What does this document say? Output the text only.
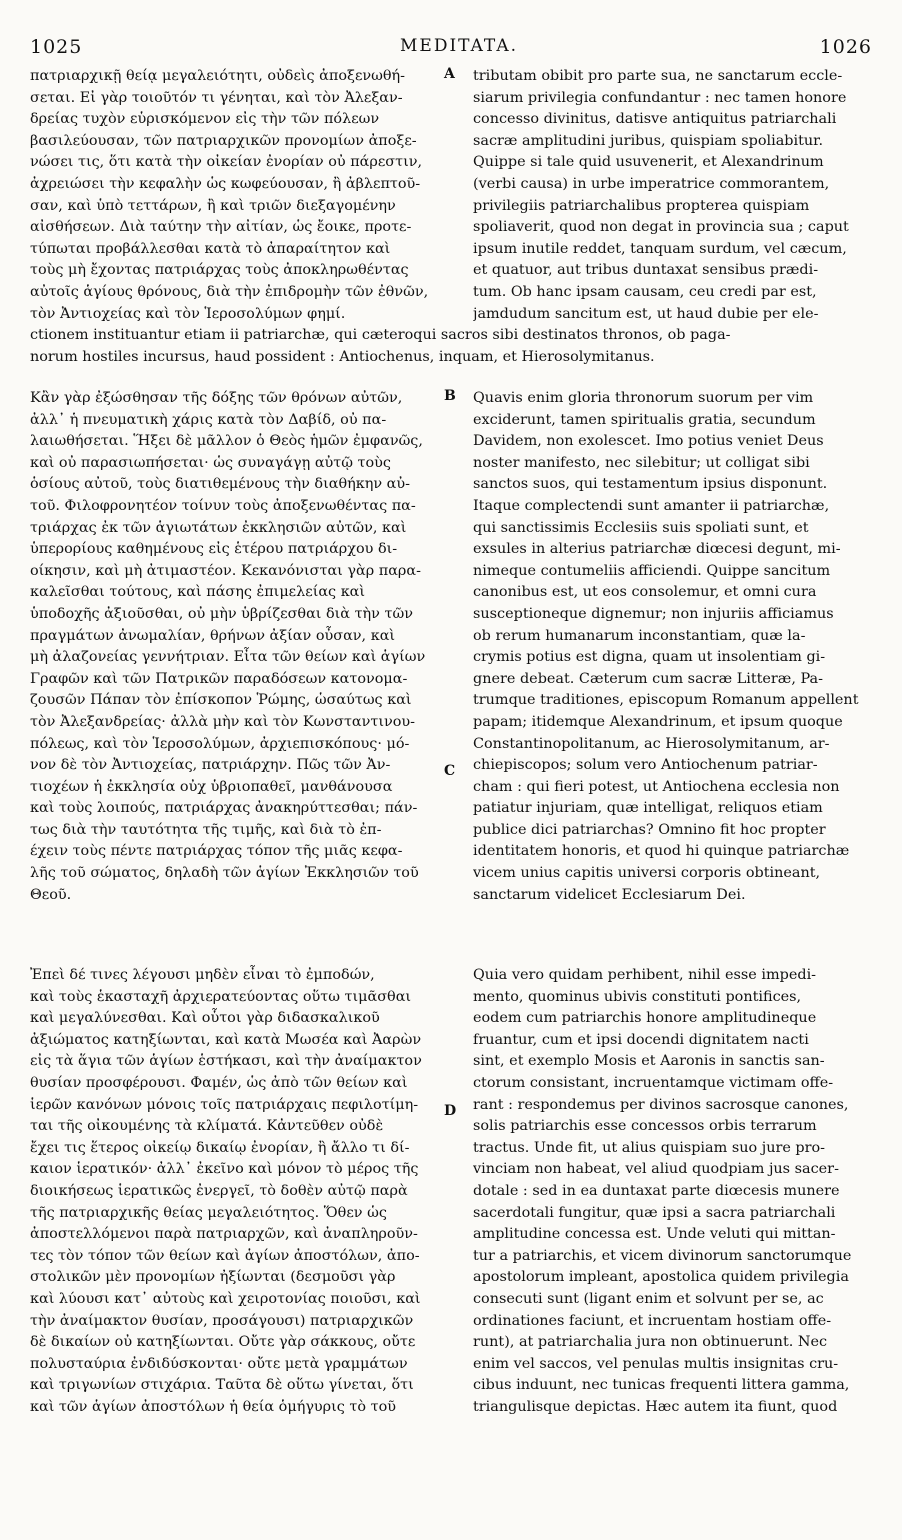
1025	MEDITATA.	1026
A
B
C
D
πατριαρχικῇ θείᾳ μεγαλειότητι, οὐδεὶς ἀποξενωθή-
σεται. Εἰ γὰρ τοιοῦτόν τι γένηται, καὶ τὸν Ἀλεξαν-
δρείας τυχὸν εὑρισκόμενον εἰς τὴν τῶν πόλεων
βασιλεύουσαν, τῶν πατριαρχικῶν προνομίων ἀποξε-
νώσει τις, ὅτι κατὰ τὴν οἰκείαν ἐνορίαν οὐ πάρεστιν,
ἀχρειώσει τὴν κεφαλὴν ὡς κωφεύουσαν, ἢ ἀβλεπτοῦ-
σαν, καὶ ὑπὸ τεττάρων, ἢ καὶ τριῶν διεξαγομένην
αἰσθήσεων. Διὰ ταύτην τὴν αἰτίαν, ὡς ἔοικε, προτε-
τύπωται προβάλλεσθαι κατὰ τὸ ἀπαραίτητον καὶ
τοὺς μὴ ἔχοντας πατριάρχας τοὺς ἀποκληρωθέντας
αὐτοῖς ἁγίους θρόνους, διὰ τὴν ἐπιδρομὴν τῶν ἐθνῶν,
τὸν Ἀντιοχείας καὶ τὸν Ἱεροσολύμων φημί.
tributam obibit pro parte sua, ne sanctarum eccle-
siarum privilegia confundantur : nec tamen honore
concesso divinitus, datisve antiquitus patriarchali
sacræ amplitudini juribus, quispiam spoliabitur.
Quippe si tale quid usuvenerit, et Alexandrinum
(verbi causa) in urbe imperatrice commorantem,
privilegiis patriarchalibus propterea quispiam
spoliaverit, quod non degat in provincia sua ; caput
ipsum inutile reddet, tanquam surdum, vel cæcum,
et quatuor, aut tribus duntaxat sensibus prædi-
tum. Ob hanc ipsam causam, ceu credi par est,
jamdudum sancitum est, ut haud dubie per ele-
ctionem instituantur etiam ii patriarchæ, qui cæteroqui sacros sibi destinatos thronos, ob paga-
norum hostiles incursus, haud possident : Antiochenus, inquam, et Hierosolymitanus.
Κἂν γὰρ ἐξώσθησαν τῆς δόξης τῶν θρόνων αὐτῶν,
ἀλλ᾽ ἡ πνευματικὴ χάρις κατὰ τὸν Δαβίδ, οὐ πα-
λαιωθήσεται. Ἥξει δὲ μᾶλλον ὁ Θεὸς ἡμῶν ἐμφανῶς,
καὶ οὐ παρασιωπήσεται· ὡς συναγάγῃ αὐτῷ τοὺς
ὁσίους αὐτοῦ, τοὺς διατιθεμένους τὴν διαθήκην αὐ-
τοῦ. Φιλοφρονητέον τοίνυν τοὺς ἀποξενωθέντας πα-
τριάρχας ἐκ τῶν ἁγιωτάτων ἐκκλησιῶν αὐτῶν, καὶ
ὑπερορίους καθημένους εἰς ἑτέρου πατριάρχου δι-
οίκησιν, καὶ μὴ ἀτιμαστέον. Κεκανόνισται γὰρ παρα-
καλεῖσθαι τούτους, καὶ πάσης ἐπιμελείας καὶ
ὑποδοχῆς ἀξιοῦσθαι, οὐ μὴν ὑβρίζεσθαι διὰ τὴν τῶν
πραγμάτων ἀνωμαλίαν, θρήνων ἀξίαν οὖσαν, καὶ
μὴ ἀλαζονείας γεννήτριαν. Εἶτα τῶν θείων καὶ ἁγίων
Γραφῶν καὶ τῶν Πατρικῶν παραδόσεων κατονομα-
ζουσῶν Πάπαν τὸν ἐπίσκοπον Ῥώμης, ὡσαύτως καὶ
τὸν Ἀλεξανδρείας· ἀλλὰ μὴν καὶ τὸν Κωνσταντινου-
πόλεως, καὶ τὸν Ἱεροσολύμων, ἀρχιεπισκόπους· μό-
νον δὲ τὸν Ἀντιοχείας, πατριάρχην. Πῶς τῶν Ἀν-
τιοχέων ἡ ἐκκλησία οὐχ ὑβριοπαθεῖ, μανθάνουσα
καὶ τοὺς λοιπούς, πατριάρχας ἀνακηρύττεσθαι; πάν-
τως διὰ τὴν ταυτότητα τῆς τιμῆς, καὶ διὰ τὸ ἐπ-
έχειν τοὺς πέντε πατριάρχας τόπον τῆς μιᾶς κεφα-
λῆς τοῦ σώματος, δηλαδὴ τῶν ἁγίων Ἐκκλησιῶν τοῦ
Θεοῦ.
Quavis enim gloria thronorum suorum per vim
exciderunt, tamen spiritualis gratia, secundum
Davidem, non exolescet. Imo potius veniet Deus
noster manifesto, nec silebitur; ut colligat sibi
sanctos suos, qui testamentum ipsius disponunt.
Itaque complectendi sunt amanter ii patriarchæ,
qui sanctissimis Ecclesiis suis spoliati sunt, et
exsules in alterius patriarchæ diœcesi degunt, mi-
nimeque contumeliis afficiendi. Quippe sancitum
canonibus est, ut eos consolemur, et omni cura
susceptioneque dignemur; non injuriis afficiamus
ob rerum humanarum inconstantiam, quæ la-
crymis potius est digna, quam ut insolentiam gi-
gnere debeat. Cæterum cum sacræ Litteræ, Pa-
trumque traditiones, episcopum Romanum appellent
papam; itidemque Alexandrinum, et ipsum quoque
Constantinopolitanum, ac Hierosolymitanum, ar-
chiepiscopos; solum vero Antiochenum patriar-
cham : qui fieri potest, ut Antiochena ecclesia non
patiatur injuriam, quæ intelligat, reliquos etiam
publice dici patriarchas? Omnino fit hoc propter
identitatem honoris, et quod hi quinque patriarchæ
vicem unius capitis universi corporis obtineant,
sanctarum videlicet Ecclesiarum Dei.
Ἐπεὶ δέ τινες λέγουσι μηδὲν εἶναι τὸ ἐμποδών,
καὶ τοὺς ἑκασταχῆ ἀρχιερατεύοντας οὕτω τιμᾶσθαι
καὶ μεγαλύνεσθαι. Καὶ οὗτοι γὰρ διδασκαλικοῦ
ἀξιώματος κατηξίωνται, καὶ κατὰ Μωσέα καὶ Ἀαρὼν
εἰς τὰ ἅγια τῶν ἁγίων ἑστήκασι, καὶ τὴν ἀναίμακτον
θυσίαν προσφέρουσι. Φαμέν, ὡς ἀπὸ τῶν θείων καὶ
ἱερῶν κανόνων μόνοις τοῖς πατριάρχαις πεφιλοτίμη-
ται τῆς οἰκουμένης τὰ κλίματά. Κἀντεῦθεν οὐδὲ
ἔχει τις ἕτερος οἰκείῳ δικαίῳ ἐνορίαν, ἢ ἄλλο τι δί-
καιον ἱερατικόν· ἀλλ᾽ ἐκεῖνο καὶ μόνον τὸ μέρος τῆς
διοικήσεως ἱερατικῶς ἐνεργεῖ, τὸ δοθὲν αὐτῷ παρὰ
τῆς πατριαρχικῆς θείας μεγαλειότητος. Ὅθεν ὡς
ἀποστελλόμενοι παρὰ πατριαρχῶν, καὶ ἀναπληροῦν-
τες τὸν τόπον τῶν θείων καὶ ἁγίων ἀποστόλων, ἀπο-
στολικῶν μὲν προνομίων ἠξίωνται (δεσμοῦσι γὰρ
καὶ λύουσι κατ᾽ αὐτοὺς καὶ χειροτονίας ποιοῦσι, καὶ
τὴν ἀναίμακτον θυσίαν, προσάγουσι) πατριαρχικῶν
δὲ δικαίων οὐ κατηξίωνται. Οὔτε γὰρ σάκκους, οὔτε
πολυσταύρια ἐνδιδύσκονται· οὔτε μετὰ γραμμάτων
καὶ τριγωνίων στιχάρια. Ταῦτα δὲ οὕτω γίνεται, ὅτι
καὶ τῶν ἁγίων ἀποστόλων ἡ θεία ὁμήγυρις τὸ τοῦ
Quia vero quidam perhibent, nihil esse impedi-
mento, quominus ubivis constituti pontifices,
eodem cum patriarchis honore amplitudineque
fruantur, cum et ipsi docendi dignitatem nacti
sint, et exemplo Mosis et Aaronis in sanctis san-
ctorum consistant, incruentamque victimam offe-
rant : respondemus per divinos sacrosque canones,
solis patriarchis esse concessos orbis terrarum
tractus. Unde fit, ut alius quispiam suo jure pro-
vinciam non habeat, vel aliud quodpiam jus sacer-
dotale : sed in ea duntaxat parte diœcesis munere
sacerdotali fungitur, quæ ipsi a sacra patriarchali
amplitudine concessa est. Unde veluti qui mittan-
tur a patriarchis, et vicem divinorum sanctorumque
apostolorum impleant, apostolica quidem privilegia
consecuti sunt (ligant enim et solvunt per se, ac
ordinationes faciunt, et incruentam hostiam offe-
runt), at patriarchalia jura non obtinuerunt. Nec
enim vel saccos, vel penulas multis insignitas cru-
cibus induunt, nec tunicas frequenti littera gamma,
triangulisque depictas. Hæc autem ita fiunt, quod
